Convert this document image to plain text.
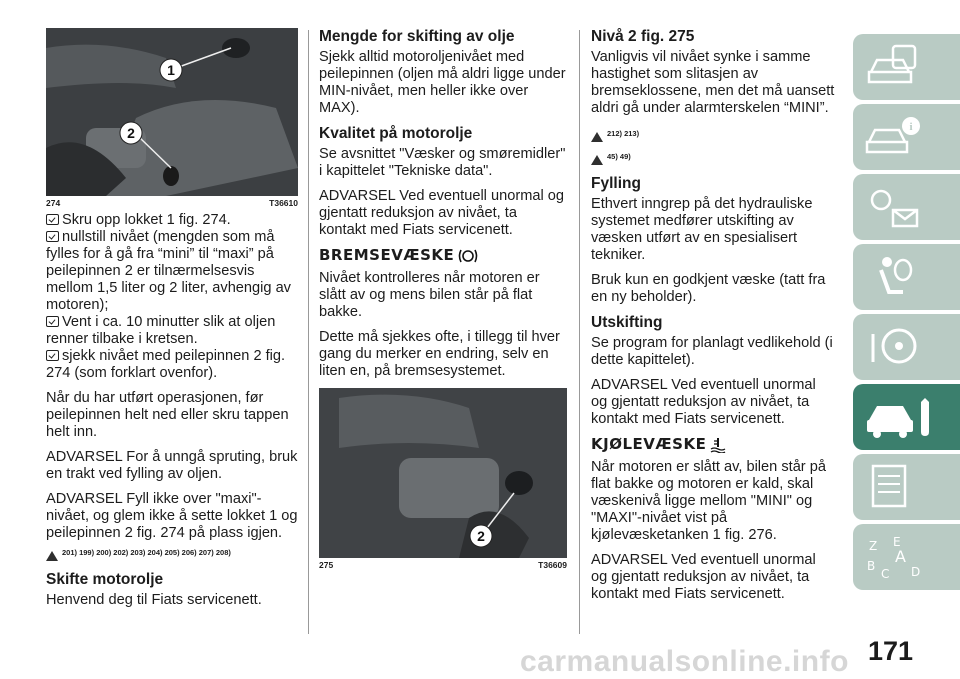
1
2
274	T36610

Skru opp lokket 1 fig. 274.

nullstill nivået (mengden som må fylles for å gå fra “mini” til “maxi” på peilepinnen 2 er tilnærmelsesvis mellom 1,5 liter og 2 liter, avhengig av motoren);

Vent i ca. 10 minutter slik at oljen renner tilbake i kretsen.

sjekk nivået med peilepinnen 2 fig. 274 (som forklart ovenfor).

Når du har utført operasjonen, før peilepinnen helt ned eller skru tappen helt inn.

ADVARSEL For å unngå spruting, bruk en trakt ved fylling av oljen.

ADVARSEL Fyll ikke over "maxi"-nivået, og glem ikke å sette lokket 1 og peilepinnen 2 fig. 274 på plass igjen.

201) 199) 200) 202) 203) 204) 205) 206) 207) 208)

Skifte motorolje

Henvend deg til Fiats servicenett.

Mengde for skifting av olje

Sjekk alltid motoroljenivået med peilepinnen (oljen må aldri ligge under MIN-nivået, men heller ikke over MAX).

Kvalitet på motorolje

Se avsnittet "Væsker og smøremidler" i kapittelet "Tekniske data".

ADVARSEL Ved eventuell unormal og gjentatt reduksjon av nivået, ta kontakt med Fiats servicenett.

BREMSEVÆSKE

Nivået kontrolleres når motoren er slått av og mens bilen står på flat bakke.

Dette må sjekkes ofte, i tillegg til hver gang du merker en endring, selv en liten en, på bremsesystemet.

2
275	T36609
Nivå 2 fig. 275

Vanligvis vil nivået synke i samme hastighet som slitasjen av bremseklossene, men det må uansett aldri gå under alarmterskelen “MINI”.

212) 213)

45) 49)

Fylling

Ethvert inngrep på det hydrauliske systemet medfører utskifting av væsken utført av en spesialisert tekniker.

Bruk kun en godkjent væske (tatt fra en ny beholder).

Utskifting

Se program for planlagt vedlikehold (i dette kapittelet).

ADVARSEL Ved eventuell unormal og gjentatt reduksjon av nivået, ta kontakt med Fiats servicenett.

KJØLEVÆSKE

Når motoren er slått av, bilen står på flat bakke og motoren er kald, skal væskenivå ligge mellom "MINI" og "MAXI"-nivået vist på kjølevæsketanken 1 fig. 276.

ADVARSEL Ved eventuell unormal og gjentatt reduksjon av nivået, ta kontakt med Fiats servicenett.

i
Z E
A
B
C D
carmanualsonline.info 171
